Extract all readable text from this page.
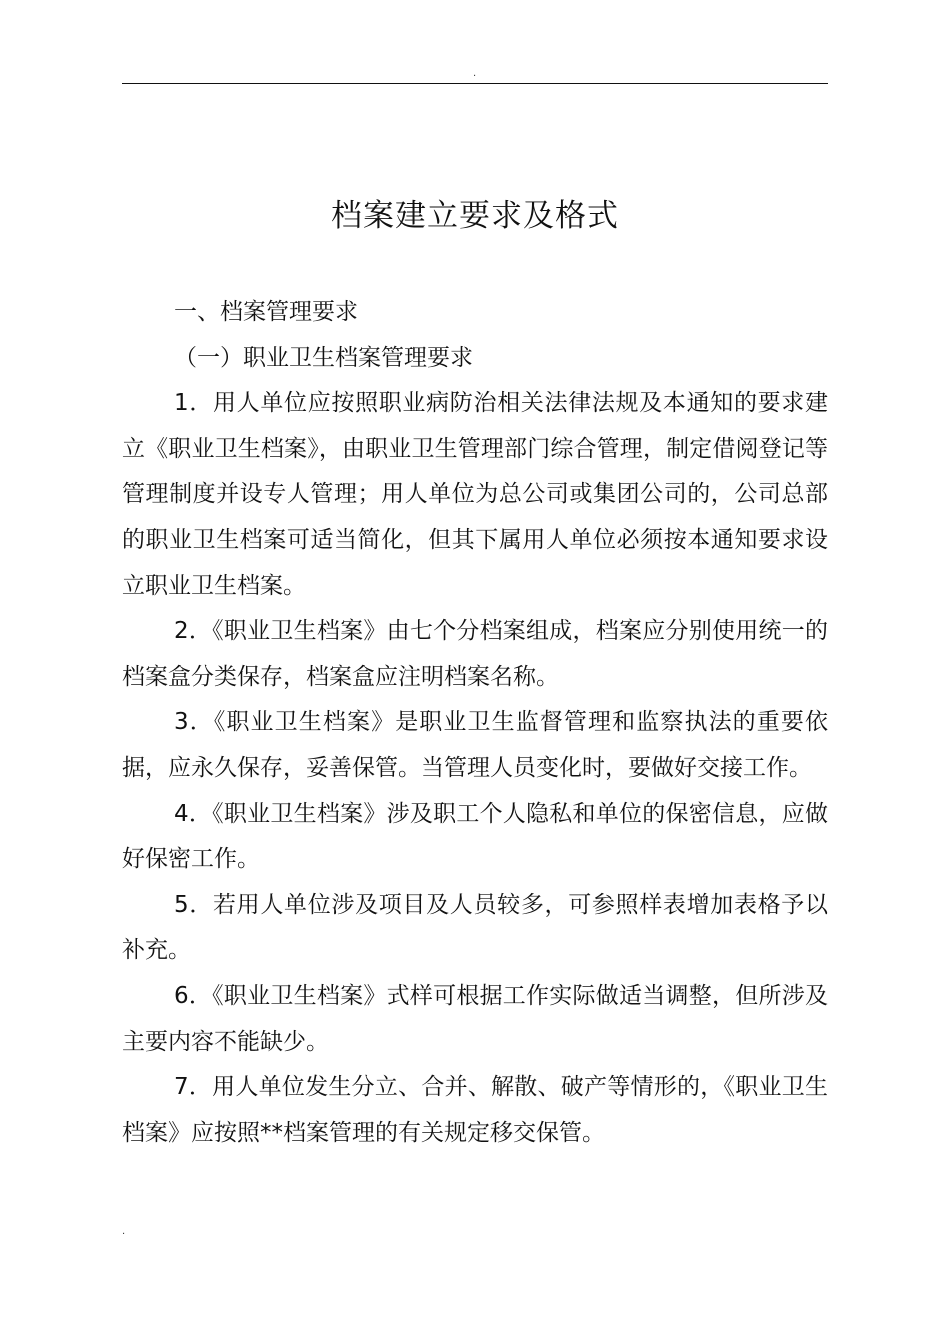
.
档案建立要求及格式

一、档案管理要求

（一）职业卫生档案管理要求

1．用人单位应按照职业病防治相关法律法规及本通知的要求建立《职业卫生档案》，由职业卫生管理部门综合管理，制定借阅登记等管理制度并设专人管理；用人单位为总公司或集团公司的，公司总部的职业卫生档案可适当简化，但其下属用人单位必须按本通知要求设立职业卫生档案。

2．《职业卫生档案》由七个分档案组成，档案应分别使用统一的档案盒分类保存，档案盒应注明档案名称。

3．《职业卫生档案》是职业卫生监督管理和监察执法的重要依据，应永久保存，妥善保管。当管理人员变化时，要做好交接工作。

4．《职业卫生档案》涉及职工个人隐私和单位的保密信息，应做好保密工作。

5．若用人单位涉及项目及人员较多，可参照样表增加表格予以补充。

6．《职业卫生档案》式样可根据工作实际做适当调整，但所涉及主要内容不能缺少。

7．用人单位发生分立、合并、解散、破产等情形的，《职业卫生档案》应按照**档案管理的有关规定移交保管。

.
